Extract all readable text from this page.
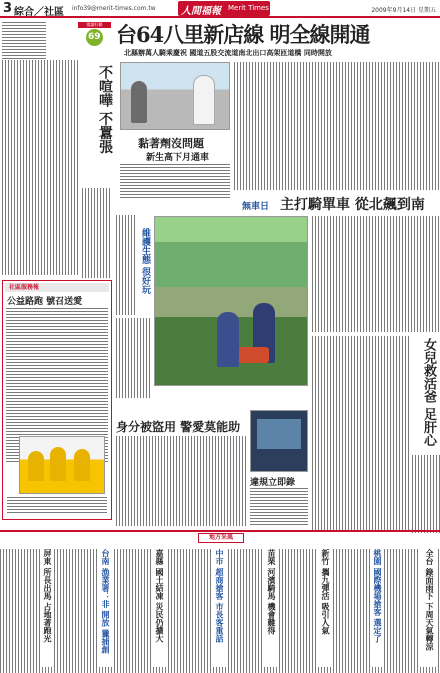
3 綜合／社區 info39@merit-times.com.tw	人間福報 Merit Times	2009年9月14日 星期五
閱讀好聯
69
不喧嘩 不囂張
社區服務報
公益路跑 號召送愛
台64八里新店線 明全線開通
北縣辦萬人騎乘慶祝 國道五股交流道南北出口高架匝道橋 同時開放
黏著劑沒問題
新生高下月通車
無車日 主打騎單車 從北飆到南
維護生態 很好玩
女兒救活爸 足肝心
身分被盜用 警愛莫能助
違規立即錄
地方采風
全台 錄面雨下 下周天氣轉涼
桃園 國際機場搶客 選定了
新竹 攜九彈活 吸引人氣
苗栗 河濱騎馬 機會難得
中市 超商搶客 市長客重話
嘉縣 國土結凍 災民仍擴大
台南 漁業署：非 開放 獵捕創
屏東 所長出馬 占地著跑光
